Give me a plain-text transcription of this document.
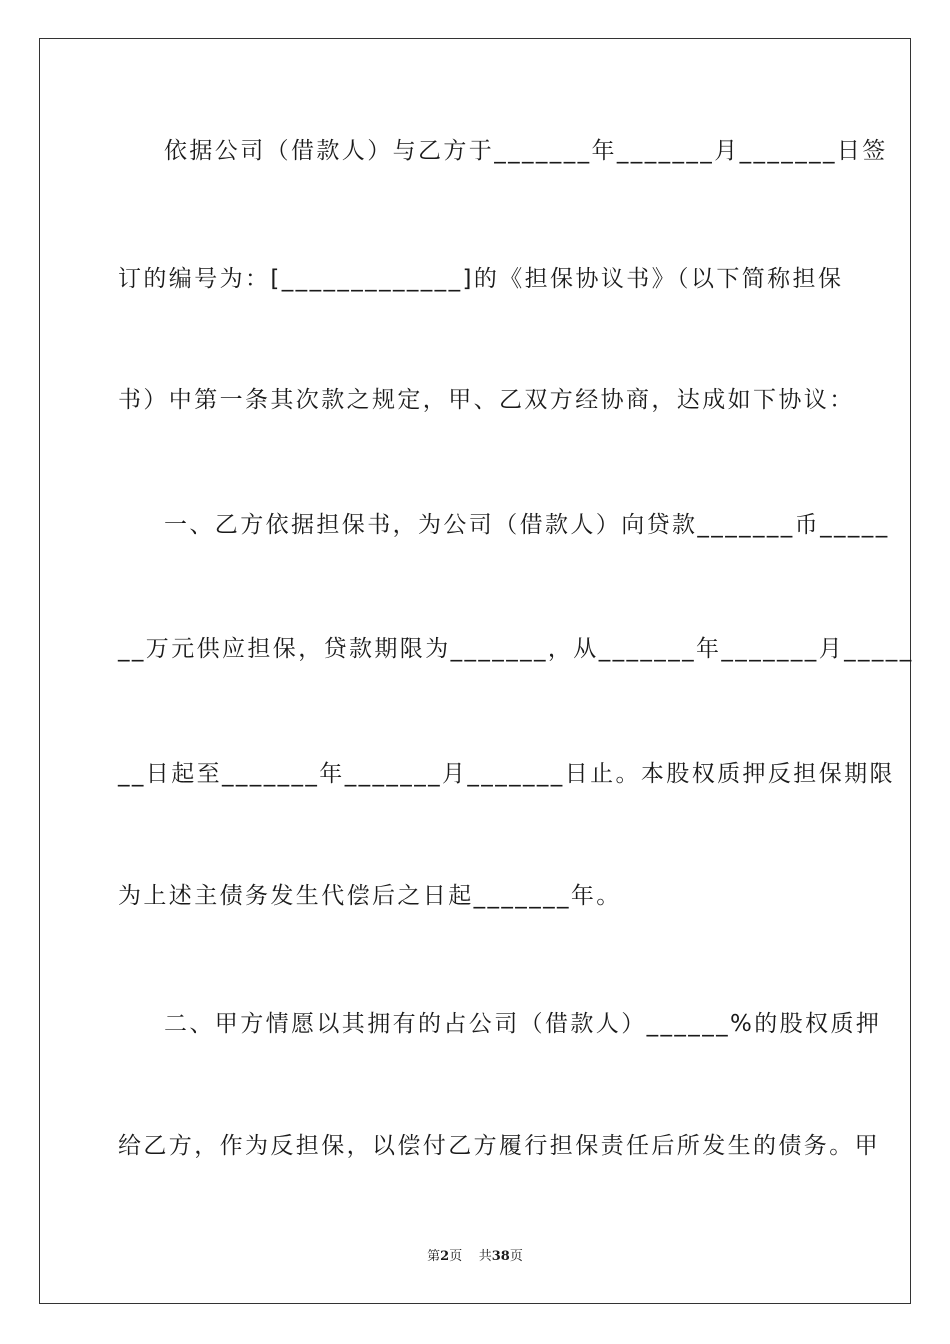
依据公司（借款人）与乙方于_______年_______月_______日签
订的编号为：[_____________]的《担保协议书》（以下简称担保
书）中第一条其次款之规定，甲、乙双方经协商，达成如下协议：
一、乙方依据担保书，为公司（借款人）向贷款_______币_____
__万元供应担保，贷款期限为_______，从_______年_______月_____
__日起至_______年_______月_______日止。本股权质押反担保期限
为上述主债务发生代偿后之日起_______年。
二、甲方情愿以其拥有的占公司（借款人）______%的股权质押
给乙方，作为反担保，以偿付乙方履行担保责任后所发生的债务。甲
第2页 共38页
